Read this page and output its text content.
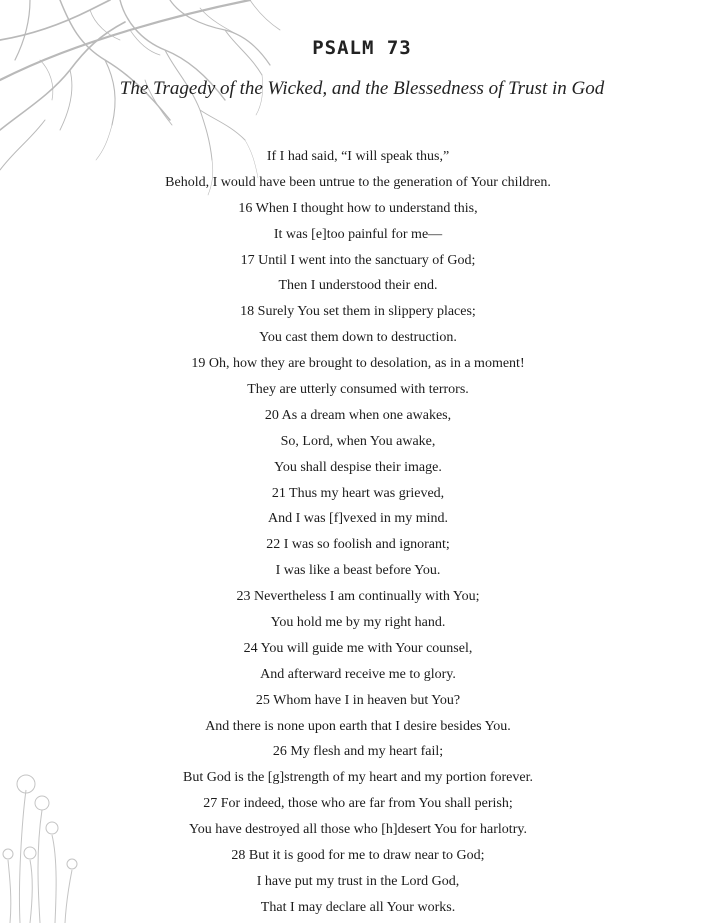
PSALM 73
The Tragedy of the Wicked, and the Blessedness of Trust in God
If I had said, “I will speak thus,”
Behold, I would have been untrue to the generation of Your children.
16 When I thought how to understand this,
It was [e]too painful for me—
17 Until I went into the sanctuary of God;
Then I understood their end.
18 Surely You set them in slippery places;
You cast them down to destruction.
19 Oh, how they are brought to desolation, as in a moment!
They are utterly consumed with terrors.
20 As a dream when one awakes,
So, Lord, when You awake,
You shall despise their image.
21 Thus my heart was grieved,
And I was [f]vexed in my mind.
22 I was so foolish and ignorant;
I was like a beast before You.
23 Nevertheless I am continually with You;
You hold me by my right hand.
24 You will guide me with Your counsel,
And afterward receive me to glory.
25 Whom have I in heaven but You?
And there is none upon earth that I desire besides You.
26 My flesh and my heart fail;
But God is the [g]strength of my heart and my portion forever.
27 For indeed, those who are far from You shall perish;
You have destroyed all those who [h]desert You for harlotry.
28 But it is good for me to draw near to God;
I have put my trust in the Lord God,
That I may declare all Your works.
